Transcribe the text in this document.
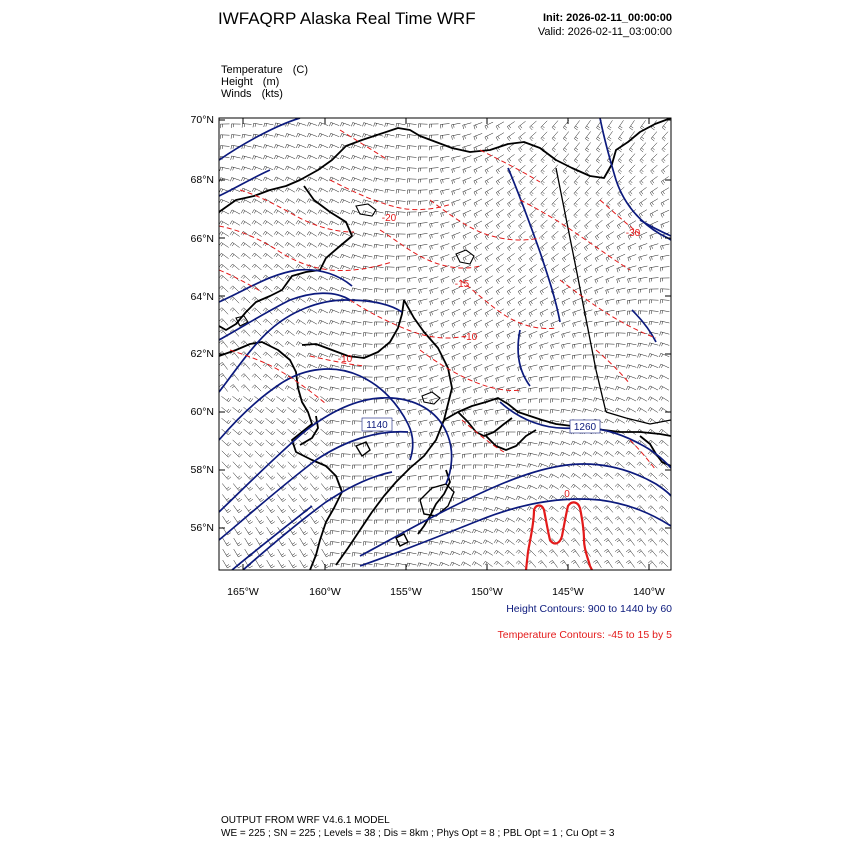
IWFAQRP Alaska Real Time WRF	Init: 2026-02-11_00:00:00
Valid: 2026-02-11_03:00:00
Temperature (C)
Height (m)
Winds (kts)
1140	1260
-20
-30
-15
-10
-10
0
70°N
68°N
66°N
64°N
62°N
60°N
58°N
56°N
165°W	160°W	155°W	150°W	145°W	140°W
Height Contours: 900 to 1440 by 60
Temperature Contours: -45 to 15 by 5
OUTPUT FROM WRF V4.6.1 MODEL
WE = 225 ; SN = 225 ; Levels = 38 ; Dis = 8km ; Phys Opt = 8 ; PBL Opt = 1 ; Cu Opt = 3
